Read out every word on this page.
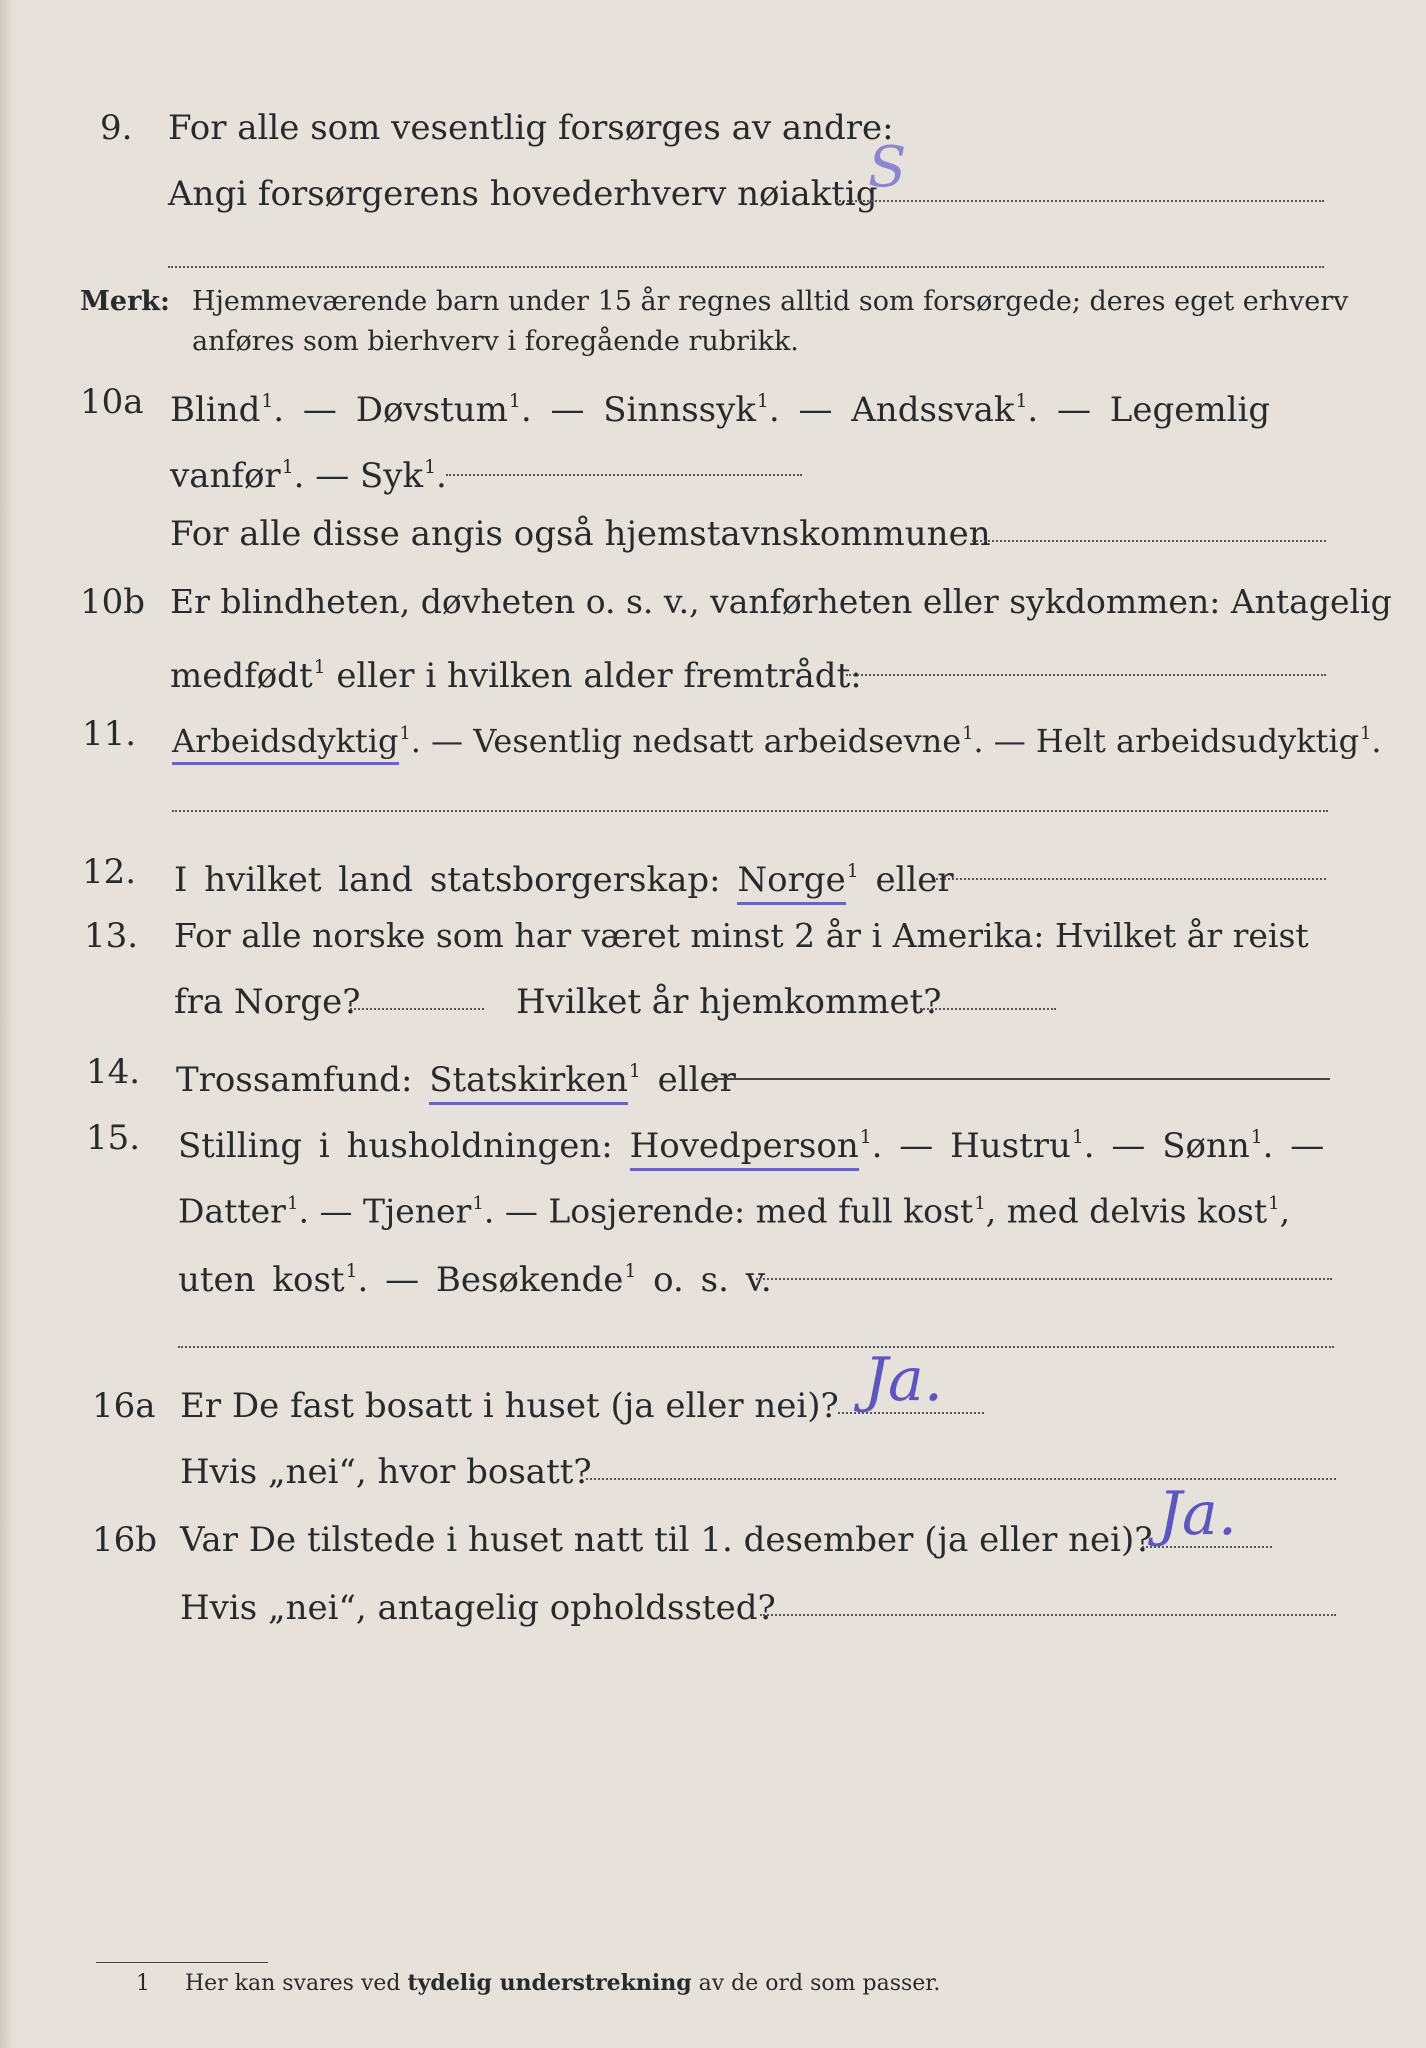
9. For alle som vesentlig forsørges av andre:
Angi forsørgerens hovederhverv nøiaktig
S
Merk: Hjemmeværende barn under 15 år regnes alltid som forsørgede; deres eget erhverv
anføres som bierhverv i foregående rubrikk.
10a Blind$^1$. — Døvstum$^1$. — Sinnssyk$^1$. — Andssvak$^1$. — Legemlig
vanfør$^1$. — Syk$^1$.
For alle disse angis også hjemstavnskommunen
10b Er blindheten, døvheten o. s. v., vanførheten eller sykdommen: Antagelig
medfødt$^1$ eller i hvilken alder fremtrådt:
11. Arbeidsdyktig$^1$. — Vesentlig nedsatt arbeidsevne$^1$. — Helt arbeidsudyktig$^1$.
12. I hvilket land statsborgerskap: Norge$^1$ eller
13. For alle norske som har været minst 2 år i Amerika: Hvilket år reist
fra Norge?	Hvilket år hjemkommet?
14. Trossamfund: Statskirken$^1$ eller
15. Stilling i husholdningen: Hovedperson$^1$. — Hustru$^1$. — Sønn$^1$. —
Datter$^1$. — Tjener$^1$. — Losjerende: med full kost$^1$, med delvis kost$^1$,
uten kost$^1$. — Besøkende$^1$ o. s. v.
16a Er De fast bosatt i huset (ja eller nei)? Ja.
Hvis „nei“, hvor bosatt?
16b Var De tilstede i huset natt til 1. desember (ja eller nei)? Ja.
Hvis „nei“, antagelig opholdssted?
1 Her kan svares ved tydelig understrekning av de ord som passer.
